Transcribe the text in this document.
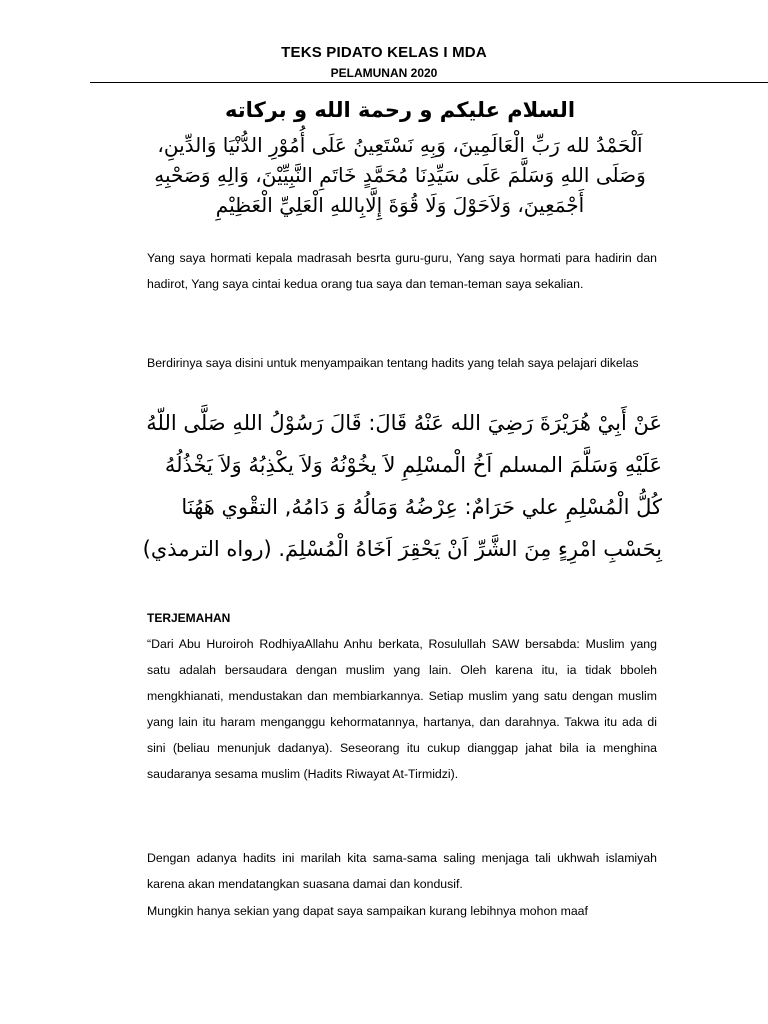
TEKS PIDATO KELAS I MDA
PELAMUNAN 2020
السلام عليكم و رحمة الله و بركاته
اَلْحَمْدُ لله رَبِّ الْعَالَمِينَ، وَبِهِ نَسْتَعِينُ عَلَى أُمُوْرِ الدُّنْيَا وَالدِّينِ، وَصَلَى اللهِ وَسَلَّمَ عَلَى سَيِّدِنَا مُحَمَّدٍ خَاتَمِ النَّبِيِّيْنَ، وَالِهِ وَصَحْبِهِ أَجْمَعِينَ، وَلاَحَوْلَ وَلَا قُوَةَ إِلَّابِاللهِ الْعَلِيِّ الْعَظِيْمِ
Yang saya hormati kepala madrasah besrta guru-guru, Yang saya hormati para hadirin dan hadirot, Yang saya cintai kedua orang tua saya dan teman-teman saya sekalian.
Berdirinya saya disini untuk menyampaikan tentang hadits yang telah saya pelajari dikelas
عَنْ أَبِيْ هُرَيْرَةَ رَضِيَ الله عَنْهُ قَالَ: قَالَ رَسُوْلُ اللهِ صَلَّى اللّهُ عَلَيْهِ وَسَلَّمَ المسلم اَخُ الْمسْلِمِ لاَ يخُوْنُهُ وَلاَ يكْذِبُهُ وَلاَ يَخْذُلُهُ كُلُّ الْمُسْلِمِ علي حَرَامٌ: عِرْضُهُ وَمَالُهُ وَ دَامُهُ, التقْوي هَهُنَا بِحَسْبِ امْرِءٍ مِنَ الشَّرِّ اَنْ يَحْقِرَ اَخَاهُ الْمُسْلِمَ. (رواه الترمذي)
TERJEMAHAN
“Dari Abu Huroiroh RodhiyaAllahu Anhu berkata, Rosulullah SAW bersabda: Muslim yang satu adalah bersaudara dengan muslim yang lain. Oleh karena itu, ia tidak bboleh mengkhianati, mendustakan dan membiarkannya. Setiap muslim yang satu dengan muslim yang lain itu haram menganggu kehormatannya, hartanya, dan darahnya. Takwa itu ada di sini (beliau menunjuk dadanya). Seseorang itu cukup dianggap jahat bila ia menghina saudaranya sesama muslim (Hadits Riwayat At-Tirmidzi).
Dengan adanya hadits ini marilah kita sama-sama saling menjaga tali ukhwah islamiyah karena akan mendatangkan suasana damai dan kondusif.
Mungkin hanya sekian yang dapat saya sampaikan kurang lebihnya mohon maaf
